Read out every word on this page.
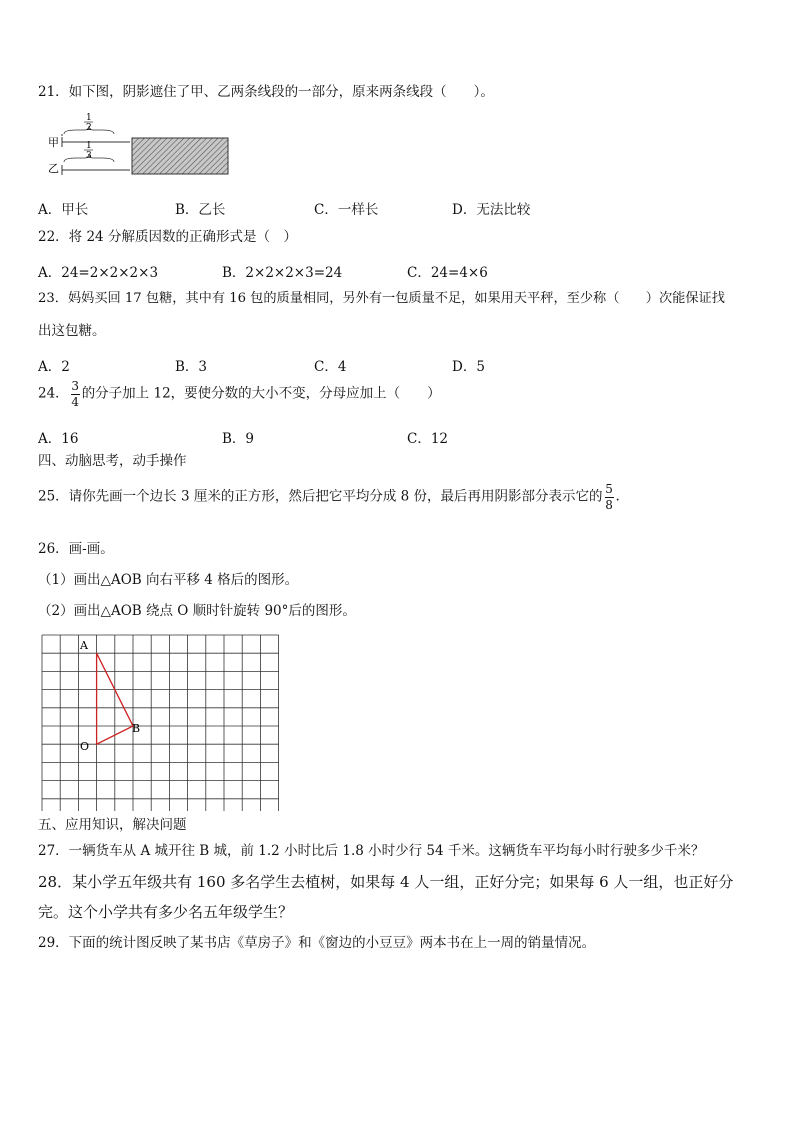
21．如下图，阴影遮住了甲、乙两条线段的一部分，原来两条线段（　　）。
甲
乙
1
2
1
3
A．甲长	B．乙长	C．一样长	D．无法比较
22．将 24 分解质因数的正确形式是（　）
A．24=2×2×2×3	B．2×2×2×3=24	C．24=4×6
23．妈妈买回 17 包糖，其中有 16 包的质量相同，另外有一包质量不足，如果用天平秤，至少称（　　）次能保证找
出这包糖。
A．2	B．3	C．4	D．5
24． $\frac{3}{4}$ 的分子加上 12，要使分数的大小不变，分母应加上（　　）
A．16	B．9	C．12
四、动脑思考，动手操作
25．请你先画一个边长 3 厘米的正方形，然后把它平均分成 8 份，最后再用阴影部分表示它的 $\frac{5}{8}$ .
26．画-画。
（1）画出△AOB 向右平移 4 格后的图形。
（2）画出△AOB 绕点 O 顺时针旋转 90°后的图形。
A
B
O
五、应用知识，解决问题
27．一辆货车从 A 城开往 B 城，前 1.2 小时比后 1.8 小时少行 54 千米。这辆货车平均每小时行驶多少千米？
28．某小学五年级共有 160 多名学生去植树，如果每 4 人一组，正好分完；如果每 6 人一组，也正好分
完。这个小学共有多少名五年级学生？
29．下面的统计图反映了某书店《草房子》和《窗边的小豆豆》两本书在上一周的销量情况。
